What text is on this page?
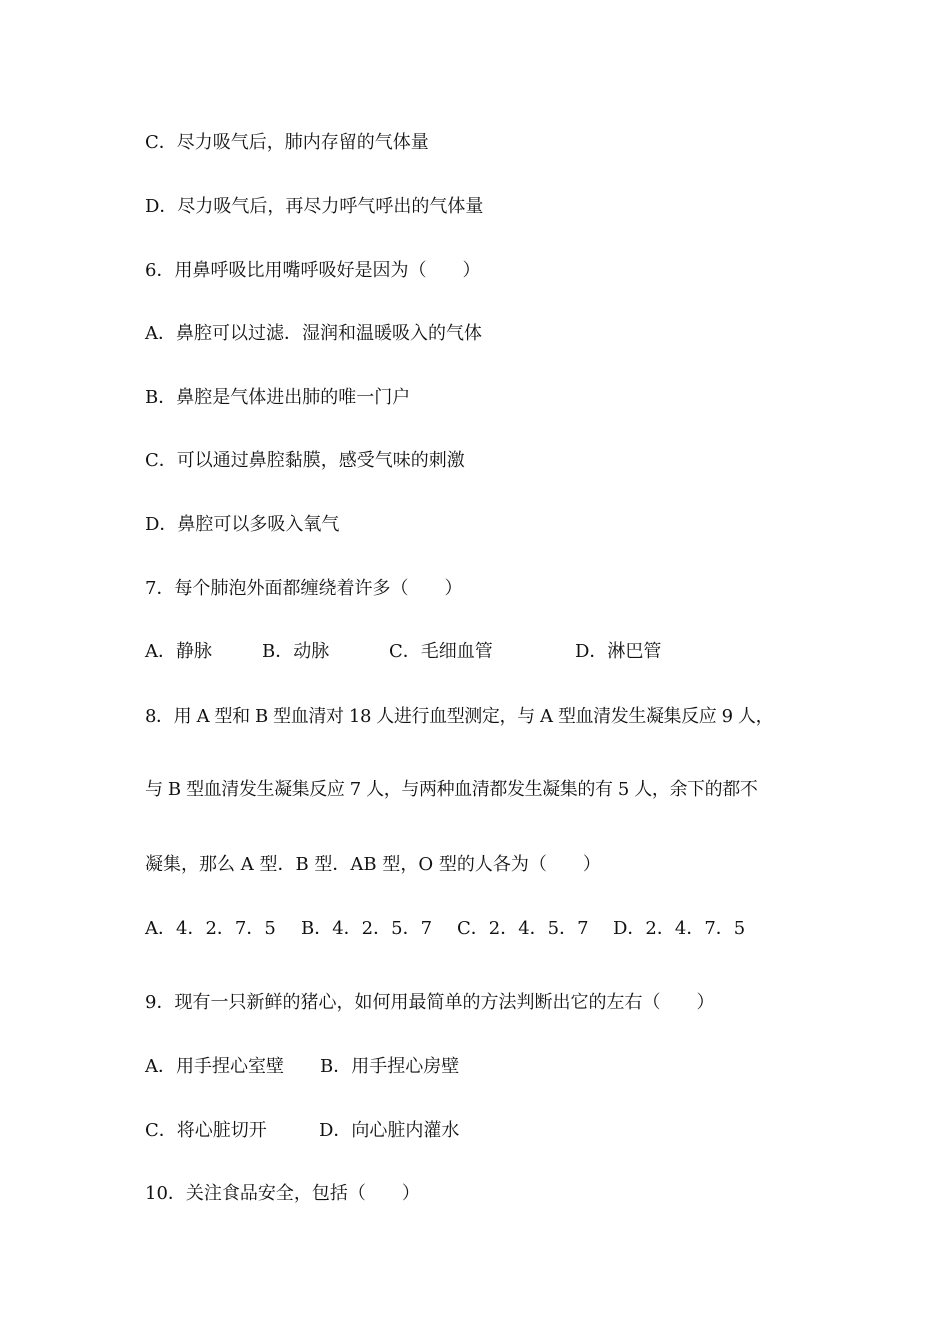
C．尽力吸气后，肺内存留的气体量
D．尽力吸气后，再尽力呼气呼出的气体量
6．用鼻呼吸比用嘴呼吸好是因为（　　）
A．鼻腔可以过滤．湿润和温暖吸入的气体
B．鼻腔是气体进出肺的唯一门户
C．可以通过鼻腔黏膜，感受气味的刺激
D．鼻腔可以多吸入氧气
7．每个肺泡外面都缠绕着许多（　　）

A．静脉

	B．动脉

	C．毛细血管

	D．淋巴管

8．用 A 型和 B 型血清对 18 人进行血型测定，与 A 型血清发生凝集反应 9 人，
与 B 型血清发生凝集反应 7 人，与两种血清都发生凝集的有 5 人，余下的都不
凝集，那么 A 型．B 型．AB 型，O 型的人各为（　　）

A．4．2．7．5

B．4．2．5．7

C．2．4．5．7

D．2．4．7．5

9．现有一只新鲜的猪心，如何用最简单的方法判断出它的左右（　　）

A．用手捏心室壁

B．用手捏心房壁

C．将心脏切开

	D．向心脏内灌水

10．关注食品安全，包括（　　）
